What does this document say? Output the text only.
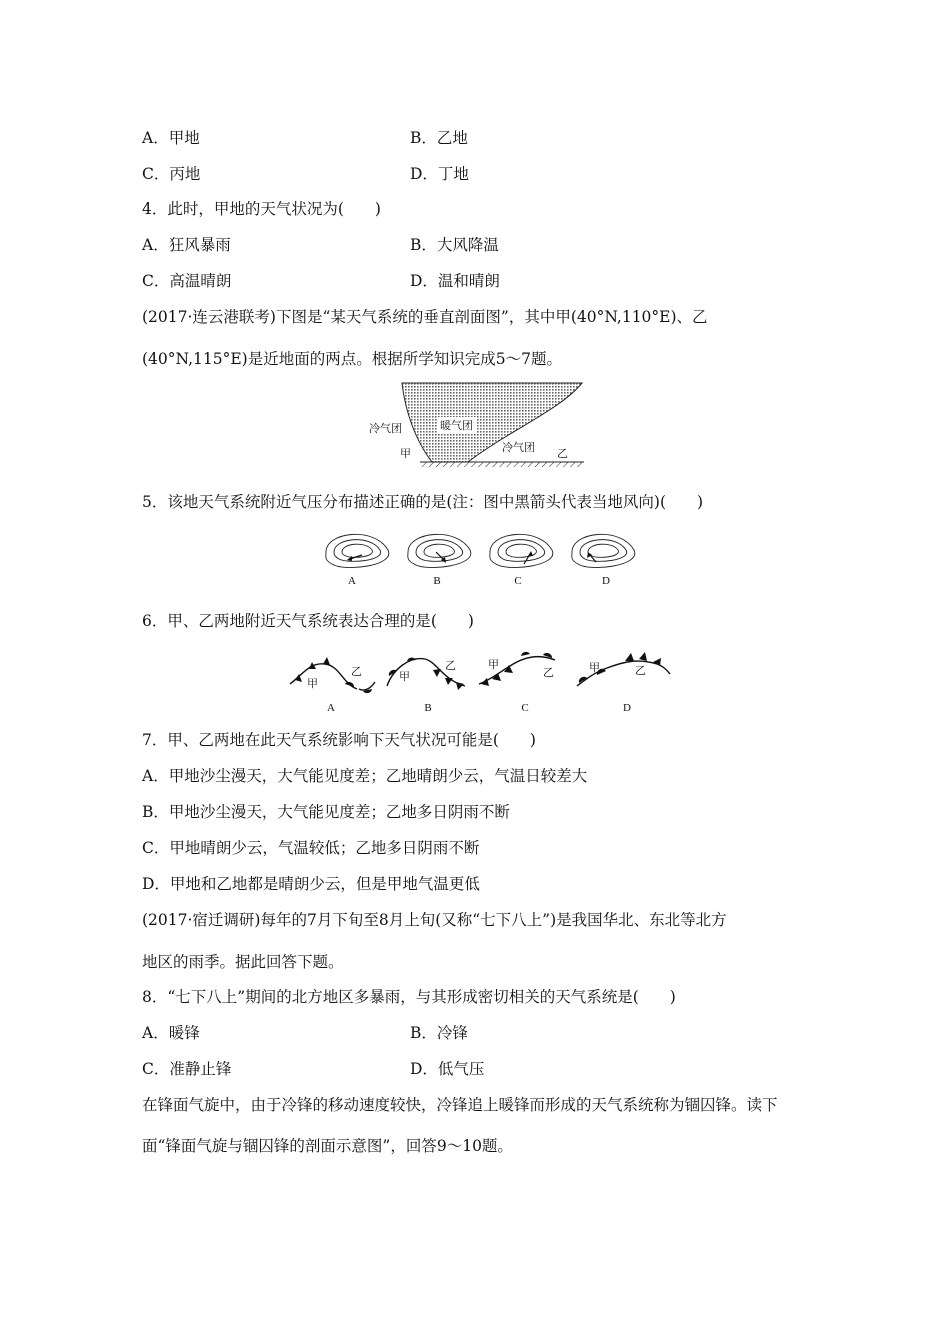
A．甲地	B．乙地
C．丙地	D．丁地
4．此时，甲地的天气状况为(　　)
A．狂风暴雨	B．大风降温
C．高温晴朗	D．温和晴朗
(2017·连云港联考)下图是“某天气系统的垂直剖面图”，其中甲(40°N,110°E)、乙
(40°N,115°E)是近地面的两点。根据所学知识完成5～7题。
冷气团	暖气团
冷气团
甲	乙
5．该地天气系统附近气压分布描述正确的是(注：图中黑箭头代表当地风向)(　　)
A	B	C	D
6．甲、乙两地附近天气系统表达合理的是(　　)
甲
乙
A
甲
乙
B
甲
乙
C
甲	乙
D
7．甲、乙两地在此天气系统影响下天气状况可能是(　　)
A．甲地沙尘漫天，大气能见度差；乙地晴朗少云，气温日较差大
B．甲地沙尘漫天，大气能见度差；乙地多日阴雨不断
C．甲地晴朗少云，气温较低；乙地多日阴雨不断
D．甲地和乙地都是晴朗少云，但是甲地气温更低
(2017·宿迁调研)每年的7月下旬至8月上旬(又称“七下八上”)是我国华北、东北等北方
地区的雨季。据此回答下题。
8．“七下八上”期间的北方地区多暴雨，与其形成密切相关的天气系统是(　　)
A．暖锋	B．冷锋
C．准静止锋	D．低气压
在锋面气旋中，由于冷锋的移动速度较快，冷锋追上暖锋而形成的天气系统称为锢囚锋。读下
面“锋面气旋与锢囚锋的剖面示意图”，回答9～10题。
